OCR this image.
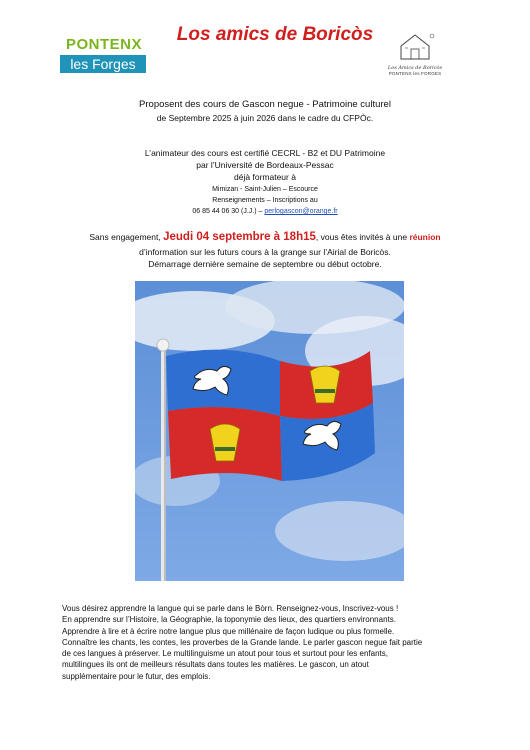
PONTENX
les Forges
Los amics de Boricòs
Los Amics de Boricòs
PONTENX les FORGES
Proposent des cours de Gascon negue - Patrimoine culturel
de Septembre 2025 à juin 2026 dans le cadre du CFPÒc.
L’animateur des cours est certifié CECRL - B2 et DU Patrimoine
par l’Université de Bordeaux-Pessac
déjà formateur à
Mimizan - Saint-Julien – Escource
Renseignements – Inscriptions au
06 85 44 06 30 (J.J.) – perlogascon@orange.fr
Sans engagement, Jeudi 04 septembre à 18h15, vous êtes invités à une réunion
d’information sur les futurs cours à la grange sur l’Airial de Boricòs.
Démarrage dernière semaine de septembre ou début octobre.
Vous désirez apprendre la langue qui se parle dans le Bòrn. Renseignez-vous, Inscrivez-vous !
En apprendre sur l’Histoire, la Géographie, la toponymie des lieux, des quartiers environnants.
Apprendre à lire et à écrire notre langue plus que millénaire de façon ludique ou plus formelle.
Connaître les chants, les contes, les proverbes de la Grande lande. Le parler gascon negue fait partie
de ces langues à préserver. Le multilinguisme un atout pour tous et surtout pour les enfants,
multilingues ils ont de meilleurs résultats dans toutes les matières. Le gascon, un atout
supplémentaire pour le futur, des emplois.
